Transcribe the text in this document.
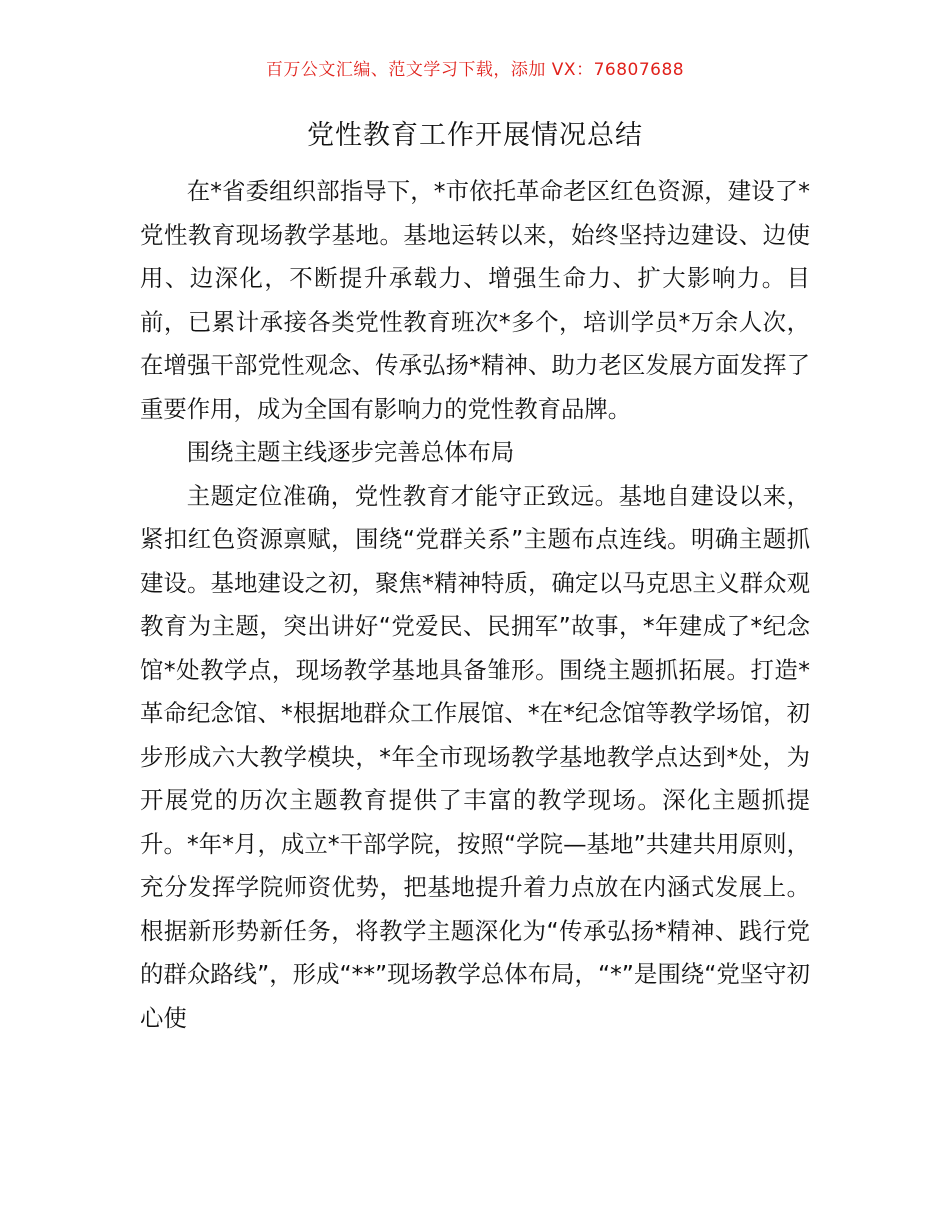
百万公文汇编、范文学习下载，添加 VX：76807688
党性教育工作开展情况总结

在*省委组织部指导下，*市依托革命老区红色资源，建设了*党性教育现场教学基地。基地运转以来，始终坚持边建设、边使用、边深化，不断提升承载力、增强生命力、扩大影响力。目前，已累计承接各类党性教育班次*多个，培训学员*万余人次，在增强干部党性观念、传承弘扬*精神、助力老区发展方面发挥了重要作用，成为全国有影响力的党性教育品牌。

围绕主题主线逐步完善总体布局

主题定位准确，党性教育才能守正致远。基地自建设以来，紧扣红色资源禀赋，围绕“党群关系”主题布点连线。明确主题抓建设。基地建设之初，聚焦*精神特质，确定以马克思主义群众观教育为主题，突出讲好“党爱民、民拥军”故事，*年建成了*纪念馆*处教学点，现场教学基地具备雏形。围绕主题抓拓展。打造*革命纪念馆、*根据地群众工作展馆、*在*纪念馆等教学场馆，初步形成六大教学模块，*年全市现场教学基地教学点达到*处，为开展党的历次主题教育提供了丰富的教学现场。深化主题抓提升。*年*月，成立*干部学院，按照“学院—基地”共建共用原则，充分发挥学院师资优势，把基地提升着力点放在内涵式发展上。根据新形势新任务，将教学主题深化为“传承弘扬*精神、践行党的群众路线”，形成“**”现场教学总体布局，“*”是围绕“党坚守初心使
